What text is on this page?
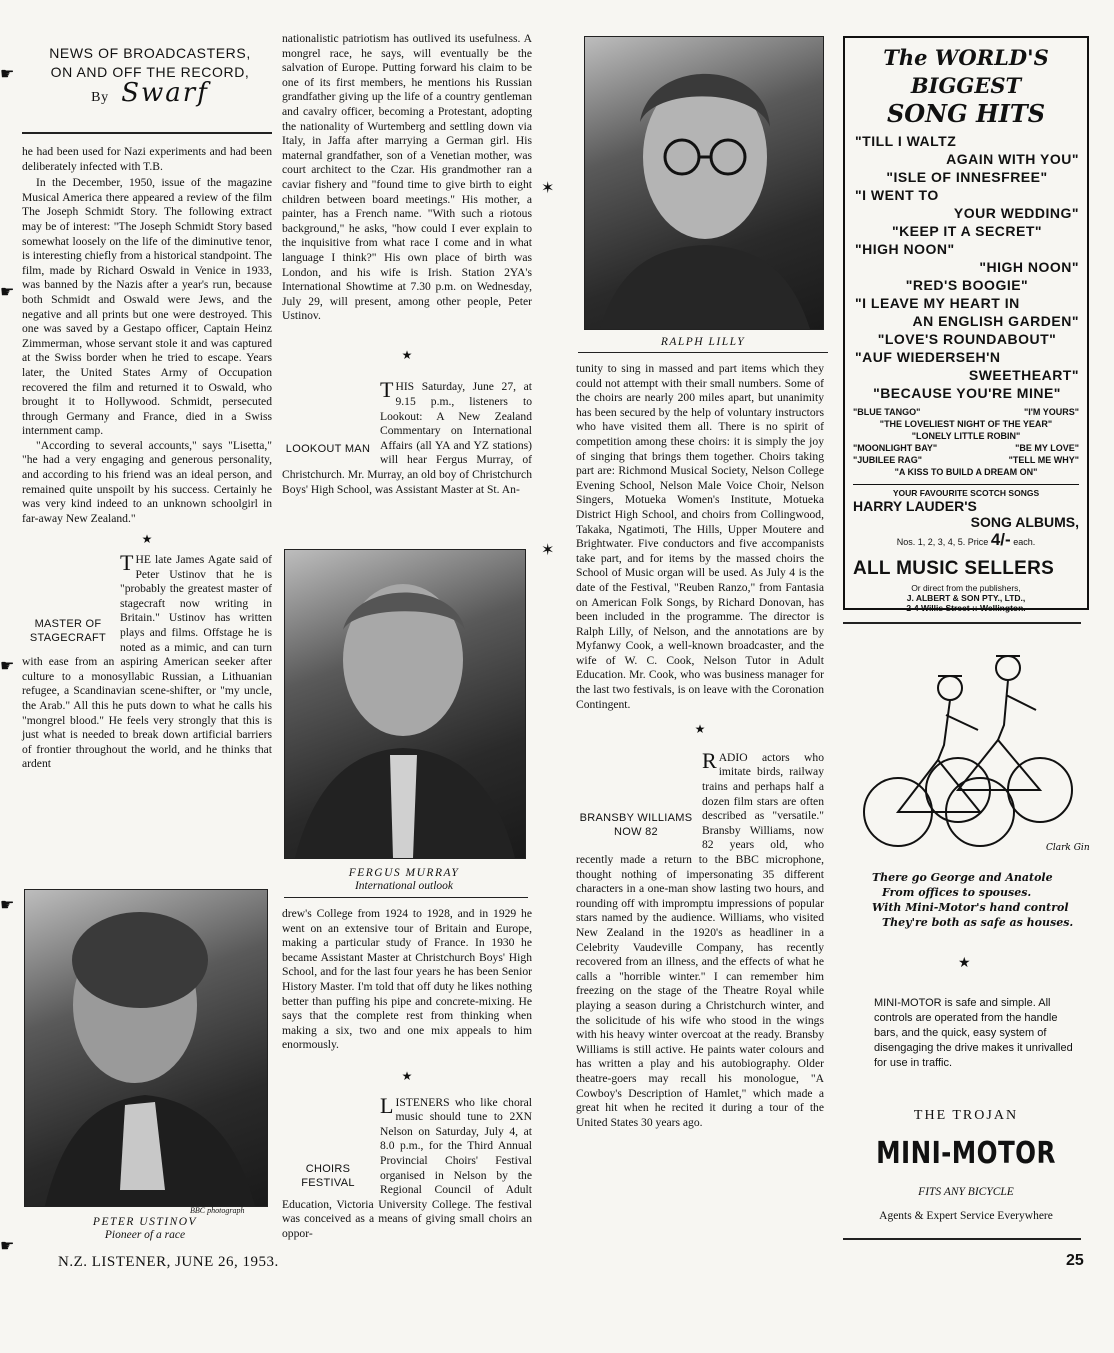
NEWS OF BROADCASTERS,
ON AND OFF THE RECORD,
By Swarf
☛

he had been used for Nazi experiments and had been deliberately infected with T.B.

In the December, 1950, issue of the magazine Musical America there appeared a review of the film The Joseph Schmidt Story. The following extract may be of interest: "The Joseph Schmidt Story based somewhat loosely on the life of the diminutive tenor, is interesting chiefly from a historical standpoint. The film, made by Richard Oswald in Venice in 1933, was banned by the Nazis after a year's run, because both Schmidt and Oswald were Jews, and the negative and all prints but one were destroyed. This one was saved by a Gestapo officer, Captain Heinz Zimmerman, whose servant stole it and was captured at the Swiss border when he tried to escape. Years later, the United States Army of Occupation recovered the film and returned it to Oswald, who brought it to Hollywood. Schmidt, persecuted through Germany and France, died in a Swiss internment camp.

"According to several accounts," says "Lisetta," "he had a very engaging and generous personality, and according to his friend was an ideal person, and remained quite unspoilt by his success. Certainly he was very kind indeed to an unknown schoolgirl in far-away New Zealand."

★
MASTER OF STAGECRAFT

THE late James Agate said of Peter Ustinov that he is "probably the greatest master of stagecraft now writing in Britain." Ustinov has written plays and films. Offstage he is noted as a mimic, and can turn with ease from an aspiring American seeker after culture to a monosyllabic Russian, a Lithuanian refugee, a Scandinavian scene-shifter, or "my uncle, the Arab." All this he puts down to what he calls his "mongrel blood." He feels very strongly that this is just what is needed to break down artificial barriers of frontier throughout the world, and he thinks that ardent

☛
☛
☛
☛
BBC photograph
PETER USTINOV
Pioneer of a race

nationalistic patriotism has outlived its usefulness. A mongrel race, he says, will eventually be the salvation of Europe. Putting forward his claim to be one of its first members, he mentions his Russian grandfather giving up the life of a country gentleman and cavalry officer, becoming a Protestant, adopting the nationality of Wurtemberg and settling down via Italy, in Jaffa after marrying a German girl. His maternal grandfather, son of a Venetian mother, was court architect to the Czar. His grandmother ran a caviar fishery and "found time to give birth to eight children between board meetings." His mother, a painter, has a French name. "With such a riotous background," he asks, "how could I ever explain to the inquisitive from what race I come and in what language I think?" His own place of birth was London, and his wife is Irish. Station 2YA's International Showtime at 7.30 p.m. on Wednesday, July 29, will present, among other people, Peter Ustinov.

★
LOOKOUT MAN

THIS Saturday, June 27, at 9.15 p.m., listeners to Lookout: A New Zealand Commentary on International Affairs (all YA and YZ stations) will hear Fergus Murray, of Christchurch. Mr. Murray, an old boy of Christchurch Boys' High School, was Assistant Master at St. An-

FERGUS MURRAY
International outlook

drew's College from 1924 to 1928, and in 1929 he went on an extensive tour of Britain and Europe, making a particular study of France. In 1930 he became Assistant Master at Christchurch Boys' High School, and for the last four years he has been Senior History Master. I'm told that off duty he likes nothing better than puffing his pipe and concrete-mixing. He says that the complete rest from thinking when making a six, two and one mix appeals to him enormously.

★
CHOIRS FESTIVAL

LISTENERS who like choral music should tune to 2XN Nelson on Saturday, July 4, at 8.0 p.m., for the Third Annual Provincial Choirs' Festival organised in Nelson by the Regional Council of Adult Education, Victoria University College. The festival was conceived as a means of giving small choirs an oppor-

RALPH LILLY
✶
✶

tunity to sing in massed and part items which they could not attempt with their small numbers. Some of the choirs are nearly 200 miles apart, but unanimity has been secured by the help of voluntary instructors who have visited them all. There is no spirit of competition among these choirs: it is simply the joy of singing that brings them together. Choirs taking part are: Richmond Musical Society, Nelson College Evening School, Nelson Male Voice Choir, Nelson Singers, Motueka Women's Institute, Motueka District High School, and choirs from Collingwood, Takaka, Ngatimoti, The Hills, Upper Moutere and Brightwater. Five conductors and five accompanists take part, and for items by the massed choirs the School of Music organ will be used. As July 4 is the date of the Festival, "Reuben Ranzo," from Fantasia on American Folk Songs, by Richard Donovan, has been included in the programme. The director is Ralph Lilly, of Nelson, and the annotations are by Myfanwy Cook, a well-known broadcaster, and the wife of W. C. Cook, Nelson Tutor in Adult Education. Mr. Cook, who was business manager for the last two festivals, is on leave with the Coronation Contingent.

★
BRANSBY WILLIAMS
NOW 82

RADIO actors who imitate birds, railway trains and perhaps half a dozen film stars are often described as "versatile." Bransby Williams, now 82 years old, who recently made a return to the BBC microphone, thought nothing of impersonating 35 different characters in a one-man show lasting two hours, and rounding off with impromptu impressions of popular stars named by the audience. Williams, who visited New Zealand in the 1920's as headliner in a Celebrity Vaudeville Company, has recently recovered from an illness, and the effects of what he calls a "horrible winter." I can remember him freezing on the stage of the Theatre Royal while playing a season during a Christchurch winter, and the solicitude of his wife who stood in the wings with his heavy winter overcoat at the ready. Bransby Williams is still active. He paints water colours and has written a play and his autobiography. Older theatre-goers may recall his monologue, "A Cowboy's Description of Hamlet," which made a great hit when he recited it during a tour of the United States 30 years ago.

The WORLD'S BIGGEST
SONG HITS
"TILL I WALTZ
AGAIN WITH YOU"
"ISLE OF INNESFREE"
"I WENT TO
YOUR WEDDING"
"KEEP IT A SECRET"
"HIGH NOON"
"HIGH NOON"
"RED'S BOOGIE"
"I LEAVE MY HEART IN
AN ENGLISH GARDEN"
"LOVE'S ROUNDABOUT"
"AUF WIEDERSEH'N
SWEETHEART"
"BECAUSE YOU'RE MINE"
"BLUE TANGO"	"I'M YOURS"
"THE LOVELIEST NIGHT OF THE YEAR"
"LONELY LITTLE ROBIN"
"MOONLIGHT BAY"	"BE MY LOVE"
"JUBILEE RAG"	"TELL ME WHY"
"A KISS TO BUILD A DREAM ON"
YOUR FAVOURITE SCOTCH SONGS
HARRY LAUDER'S
SONG ALBUMS,
Nos. 1, 2, 3, 4, 5. Price 4/- each.
ALL MUSIC SELLERS
Or direct from the publishers,
J. ALBERT & SON PTY., LTD.,
2-4 Willis Street :: Wellington.
Clark Gin
There go George and Anatole
From offices to spouses.
With Mini-Motor's hand control
They're both as safe as houses.
★
MINI-MOTOR is safe and simple. All controls are operated from the handle bars, and the quick, easy system of disengaging the drive makes it unrivalled for use in traffic.
THE TROJAN
MINI-MOTOR
FITS ANY BICYCLE
Agents & Expert Service Everywhere
N.Z. LISTENER, JUNE 26, 1953.	25
